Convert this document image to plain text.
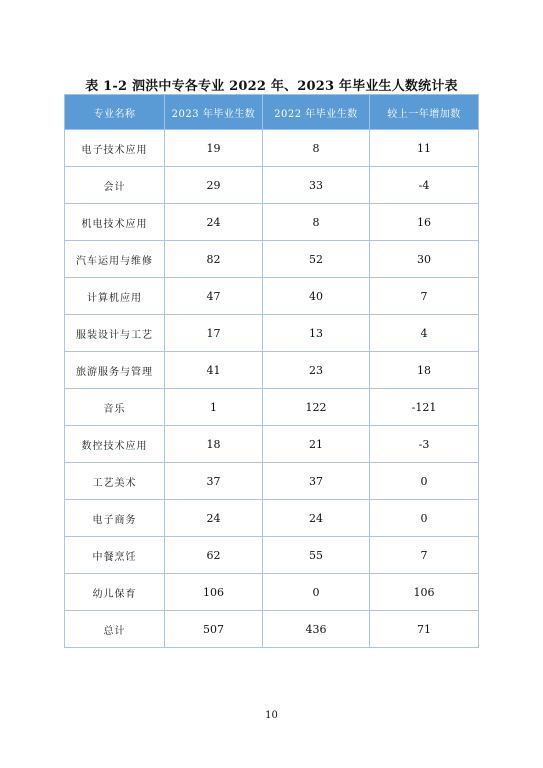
表 1-2 泗洪中专各专业 2022 年、2023 年毕业生人数统计表
专业名称	2023 年毕业生数	2022 年毕业生数	较上一年增加数
电子技术应用	19	8	11
会计	29	33	-4
机电技术应用	24	8	16
汽车运用与维修	82	52	30
计算机应用	47	40	7
服装设计与工艺	17	13	4
旅游服务与管理	41	23	18
音乐	1	122	-121
数控技术应用	18	21	-3
工艺美术	37	37	0
电子商务	24	24	0
中餐烹饪	62	55	7
幼儿保育	106	0	106
总计	507	436	71
10
